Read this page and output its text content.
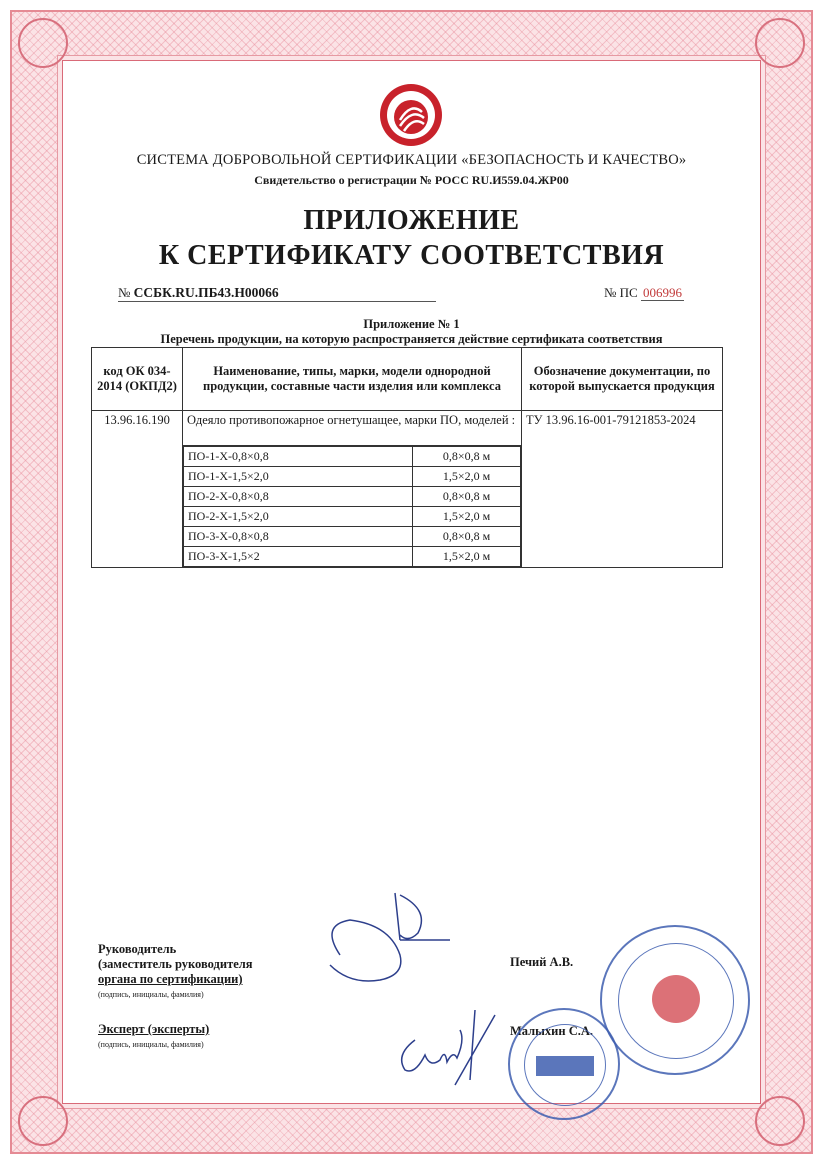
СИСТЕМА ДОБРОВОЛЬНОЙ СЕРТИФИКАЦИИ «БЕЗОПАСНОСТЬ И КАЧЕСТВО»
Свидетельство о регистрации № РОСС RU.И559.04.ЖР00
ПРИЛОЖЕНИЕ
К СЕРТИФИКАТУ СООТВЕТСТВИЯ
№ ССБК.RU.ПБ43.Н00066	№ ПС 006996
Приложение № 1
Перечень продукции, на которую распространяется действие сертификата соответствия
код ОК 034-2014 (ОКПД2)	Наименование, типы, марки, модели однородной продукции, составные части изделия или комплекса	Обозначение документации, по которой выпускается продукция
13.96.16.190	Одеяло противопожарное огнетушащее, марки ПО, моделей :	ТУ 13.96.16-001-79121853-2024

ПО-1-Х-0,8×0,8	0,8×0,8 м
ПО-1-Х-1,5×2,0	1,5×2,0 м
ПО-2-Х-0,8×0,8	0,8×0,8 м
ПО-2-Х-1,5×2,0	1,5×2,0 м
ПО-3-Х-0,8×0,8	0,8×0,8 м
ПО-3-Х-1,5×2	1,5×2,0 м
Руководитель
(заместитель руководителя
органа по сертификации)
(подпись, инициалы, фамилия)
Печий А.В.
Эксперт (эксперты)
(подпись, инициалы, фамилия)
Малыхин С.А.
